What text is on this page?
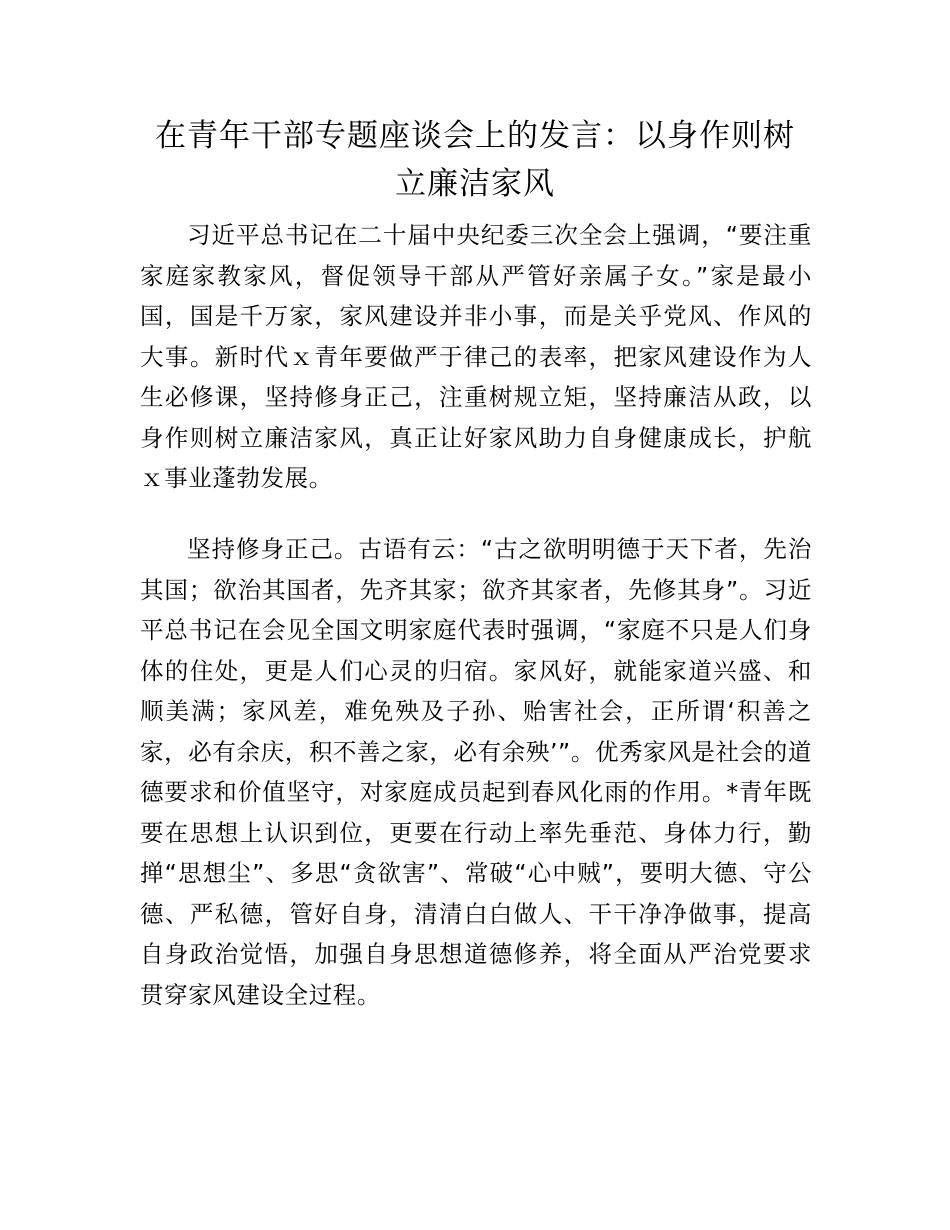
在青年干部专题座谈会上的发言：以身作则树立廉洁家风

习近平总书记在二十届中央纪委三次全会上强调，“要注重家庭家教家风，督促领导干部从严管好亲属子女。”家是最小国，国是千万家，家风建设并非小事，而是关乎党风、作风的大事。新时代ｘ青年要做严于律己的表率，把家风建设作为人生必修课，坚持修身正己，注重树规立矩，坚持廉洁从政，以身作则树立廉洁家风，真正让好家风助力自身健康成长，护航ｘ事业蓬勃发展。

坚持修身正己。古语有云：“古之欲明明德于天下者，先治其国；欲治其国者，先齐其家；欲齐其家者，先修其身”。习近平总书记在会见全国文明家庭代表时强调，“家庭不只是人们身体的住处，更是人们心灵的归宿。家风好，就能家道兴盛、和顺美满；家风差，难免殃及子孙、贻害社会，正所谓‘积善之家，必有余庆，积不善之家，必有余殃’”。优秀家风是社会的道德要求和价值坚守，对家庭成员起到春风化雨的作用。*青年既要在思想上认识到位，更要在行动上率先垂范、身体力行，勤掸“思想尘”、多思“贪欲害”、常破“心中贼”，要明大德、守公德、严私德，管好自身，清清白白做人、干干净净做事，提高自身政治觉悟，加强自身思想道德修养，将全面从严治党要求贯穿家风建设全过程。
